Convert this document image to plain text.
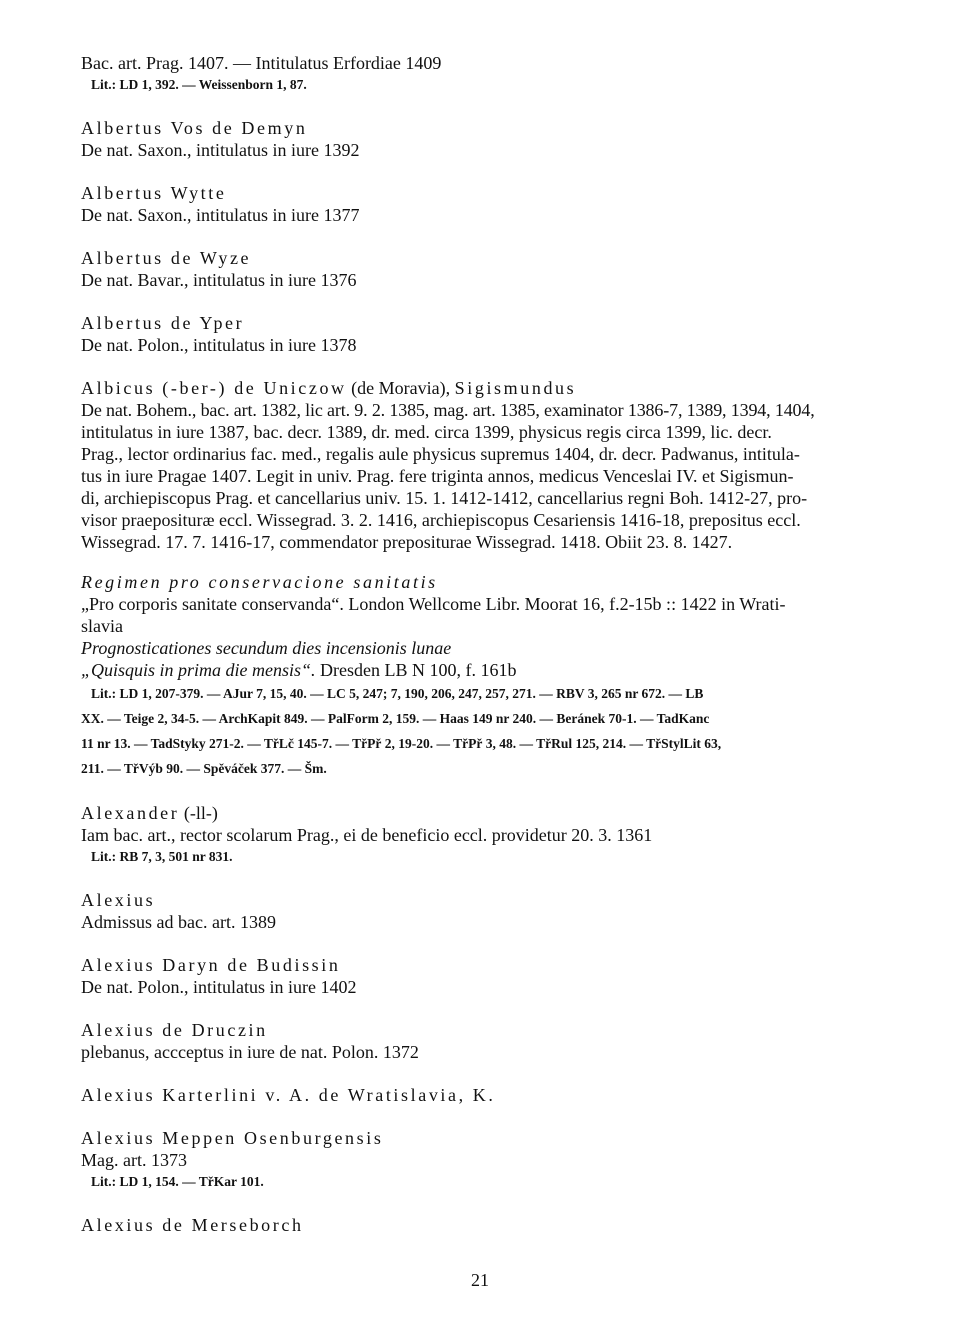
Bac. art. Prag. 1407. — Intitulatus Erfordiae 1409
Lit.: LD 1, 392. — Weissenborn 1, 87.
Albertus Vos de Demyn
De nat. Saxon., intitulatus in iure 1392
Albertus Wytte
De nat. Saxon., intitulatus in iure 1377
Albertus de Wyze
De nat. Bavar., intitulatus in iure 1376
Albertus de Yper
De nat. Polon., intitulatus in iure 1378
Albicus (-ber-) de Uniczow (de Moravia), Sigismundus
De nat. Bohem., bac. art. 1382, lic art. 9. 2. 1385, mag. art. 1385, examinator 1386-7, 1389, 1394, 1404,
intitulatus in iure 1387, bac. decr. 1389, dr. med. circa 1399, physicus regis circa 1399, lic. decr.
Prag., lector ordinarius fac. med., regalis aule physicus supremus 1404, dr. decr. Padwanus, intitula-
tus in iure Pragae 1407. Legit in univ. Prag. fere triginta annos, medicus Venceslai IV. et Sigismun-
di, archiepiscopus Prag. et cancellarius univ. 15. 1. 1412-1412, cancellarius regni Boh. 1412-27, pro-
visor praeposituræ eccl. Wissegrad. 3. 2. 1416, archiepiscopus Cesariensis 1416-18, prepositus eccl.
Wissegrad. 17. 7. 1416-17, commendator prepositurae Wissegrad. 1418. Obiit 23. 8. 1427.
Regimen pro conservacione sanitatis
„Pro corporis sanitate conservanda“. London Wellcome Libr. Moorat 16, f.2-15b :: 1422 in Wrati-
slavia
Prognosticationes secundum dies incensionis lunae
„Quisquis in prima die mensis“. Dresden LB N 100, f. 161b
Lit.: LD 1, 207-379. — AJur 7, 15, 40. — LC 5, 247; 7, 190, 206, 247, 257, 271. — RBV 3, 265 nr 672. — LB
XX. — Teige 2, 34-5. — ArchKapit 849. — PalForm 2, 159. — Haas 149 nr 240. — Beránek 70-1. — TadKanc
11 nr 13. — TadStyky 271-2. — TřLč 145-7. — TřPř 2, 19-20. — TřPř 3, 48. — TřRul 125, 214. — TřStylLit 63,
211. — TřVýb 90. — Spěváček 377. — Šm.
Alexander (-ll-)
Iam bac. art., rector scolarum Prag., ei de beneficio eccl. providetur 20. 3. 1361
Lit.: RB 7, 3, 501 nr 831.
Alexius
Admissus ad bac. art. 1389
Alexius Daryn de Budissin
De nat. Polon., intitulatus in iure 1402
Alexius de Druczin
plebanus, accceptus in iure de nat. Polon. 1372
Alexius Karterlini v. A. de Wratislavia, K.
Alexius Meppen Osenburgensis
Mag. art. 1373
Lit.: LD 1, 154. — TřKar 101.
Alexius de Merseborch
21
